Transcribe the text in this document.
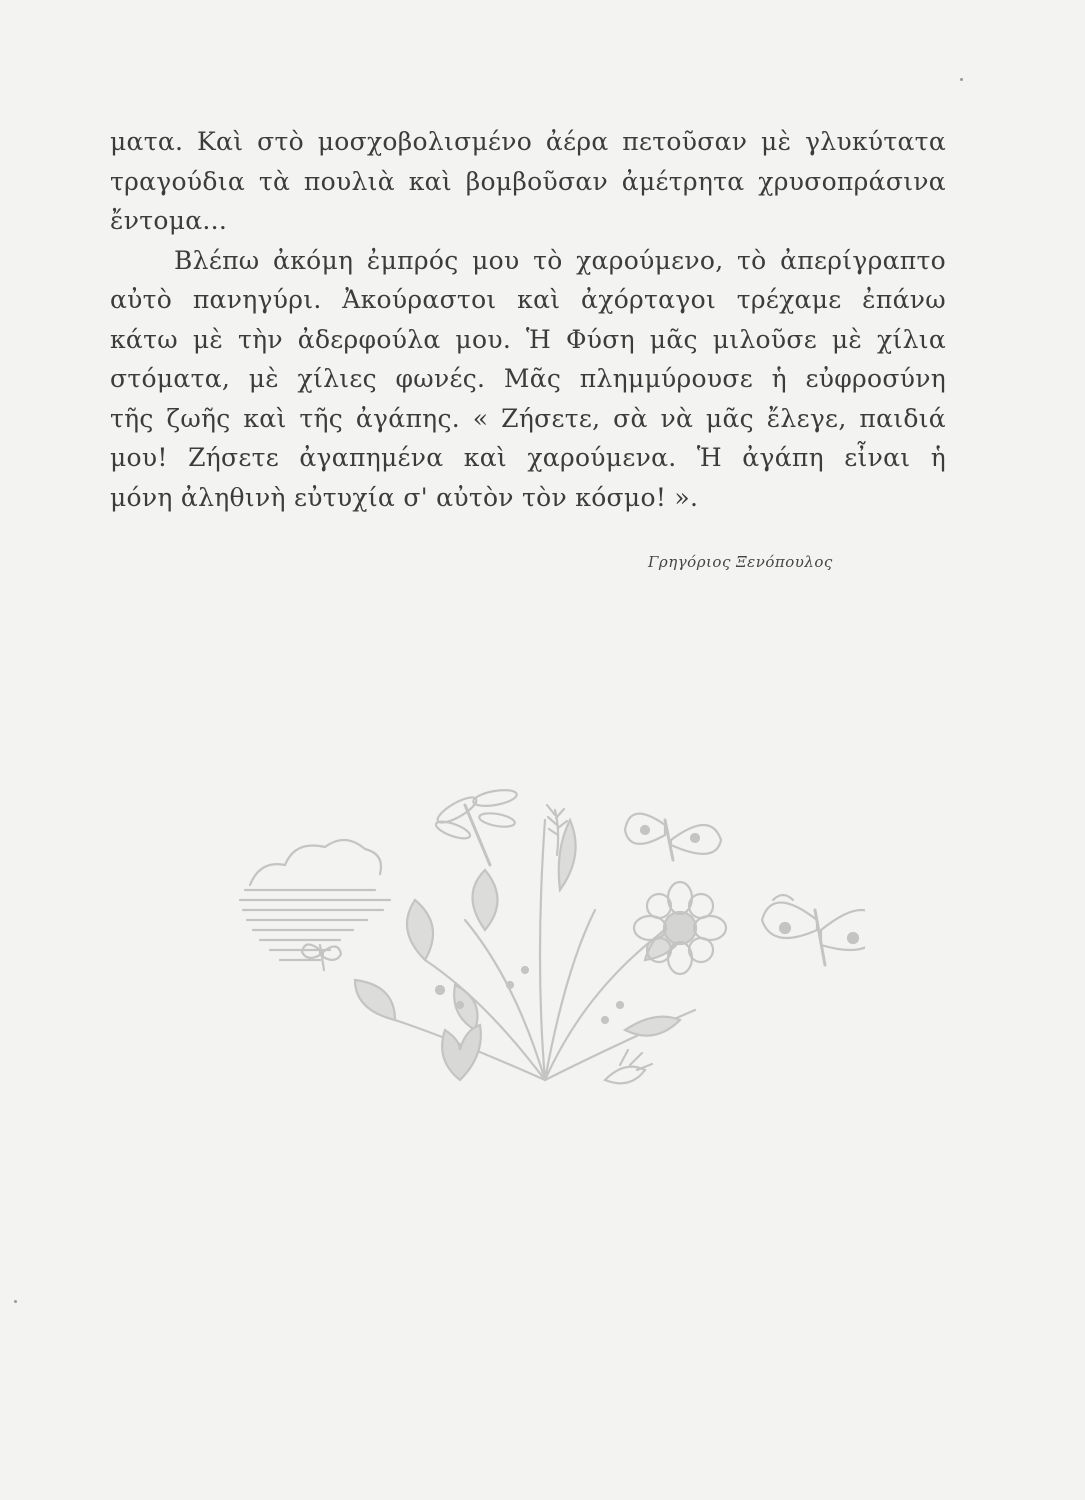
ματα. Καὶ στὸ μοσχοβολισμένο ἀέρα πετοῦσαν μὲ γλυκύτατα
τραγούδια τὰ πουλιὰ καὶ βομβοῦσαν ἀμέτρητα χρυσοπράσινα
ἔντομα...
Βλέπω ἀκόμη ἐμπρός μου τὸ χαρούμενο, τὸ ἀπερίγραπτο
αὐτὸ πανηγύρι. Ἀκούραστοι καὶ ἀχόρταγοι τρέχαμε ἐπάνω
κάτω μὲ τὴν ἀδερφούλα μου. Ἡ Φύση μᾶς μιλοῦσε μὲ χίλια
στόματα, μὲ χίλιες φωνές. Μᾶς πλημμύρουσε ἡ εὐφροσύνη
τῆς ζωῆς καὶ τῆς ἀγάπης. « Ζήσετε, σὰ νὰ μᾶς ἔλεγε, παιδιά
μου! Ζήσετε ἀγαπημένα καὶ χαρούμενα. Ἡ ἀγάπη εἶναι ἡ
μόνη ἀληθινὴ εὐτυχία σ' αὐτὸν τὸν κόσμο! ».
Γρηγόριος Ξενόπουλος
